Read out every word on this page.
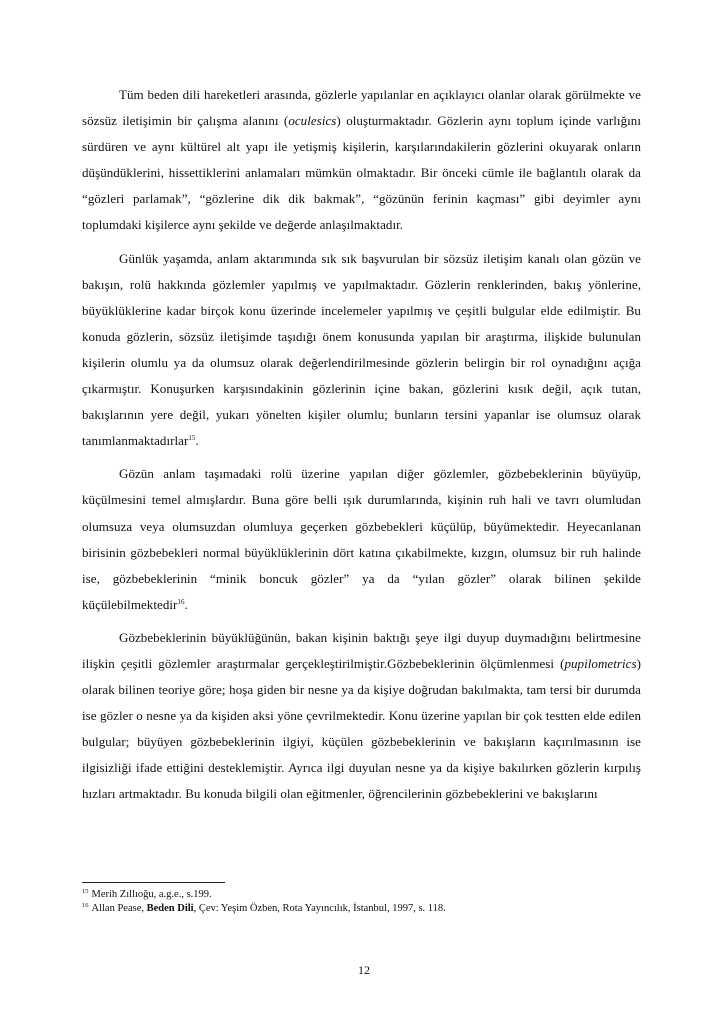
Tüm beden dili hareketleri arasında, gözlerle yapılanlar en açıklayıcı olanlar olarak görülmekte ve sözsüz iletişimin bir çalışma alanını (oculesics) oluşturmaktadır. Gözlerin aynı toplum içinde varlığını sürdüren ve aynı kültürel alt yapı ile yetişmiş kişilerin, karşılarındakilerin gözlerini okuyarak onların düşündüklerini, hissettiklerini anlamaları mümkün olmaktadır. Bir önceki cümle ile bağlantılı olarak da “gözleri parlamak”, “gözlerine dik dik bakmak”, “gözünün ferinin kaçması” gibi deyimler aynı toplumdaki kişilerce aynı şekilde ve değerde anlaşılmaktadır.

Günlük yaşamda, anlam aktarımında sık sık başvurulan bir sözsüz iletişim kanalı olan gözün ve bakışın, rolü hakkında gözlemler yapılmış ve yapılmaktadır. Gözlerin renklerinden, bakış yönlerine, büyüklüklerine kadar birçok konu üzerinde incelemeler yapılmış ve çeşitli bulgular elde edilmiştir. Bu konuda gözlerin, sözsüz iletişimde taşıdığı önem konusunda yapılan bir araştırma, ilişkide bulunulan kişilerin olumlu ya da olumsuz olarak değerlendirilmesinde gözlerin belirgin bir rol oynadığını açığa çıkarmıştır. Konuşurken karşısındakinin gözlerinin içine bakan, gözlerini kısık değil, açık tutan, bakışlarının yere değil, yukarı yönelten kişiler olumlu; bunların tersini yapanlar ise olumsuz olarak tanımlanmaktadırlar$^{15}$.

Gözün anlam taşımadaki rolü üzerine yapılan diğer gözlemler, gözbebeklerinin büyüyüp, küçülmesini temel almışlardır. Buna göre belli ışık durumlarında, kişinin ruh hali ve tavrı olumludan olumsuza veya olumsuzdan olumluya geçerken gözbebekleri küçülüp, büyümektedir. Heyecanlanan birisinin gözbebekleri normal büyüklüklerinin dört katına çıkabilmekte, kızgın, olumsuz bir ruh halinde ise, gözbebeklerinin “minik boncuk gözler” ya da “yılan gözler” olarak bilinen şekilde küçülebilmektedir$^{16}$.

Gözbebeklerinin büyüklüğünün, bakan kişinin baktığı şeye ilgi duyup duymadığını belirtmesine ilişkin çeşitli gözlemler araştırmalar gerçekleştirilmiştir.Gözbebeklerinin ölçümlenmesi (pupilometrics) olarak bilinen teoriye göre; hoşa giden bir nesne ya da kişiye doğrudan bakılmakta, tam tersi bir durumda ise gözler o nesne ya da kişiden aksi yöne çevrilmektedir. Konu üzerine yapılan bir çok testten elde edilen bulgular; büyüyen gözbebeklerinin ilgiyi, küçülen gözbebeklerinin ve bakışların kaçırılmasının ise ilgisizliği ifade ettiğini desteklemiştir. Ayrıca ilgi duyulan nesne ya da kişiye bakılırken gözlerin kırpılış hızları artmaktadır. Bu konuda bilgili olan eğitmenler, öğrencilerinin gözbebeklerini ve bakışlarını

$^{15}$ Merih Zıllıoğu, a.g.e., s.199.

$^{16}$ Allan Pease, Beden Dili, Çev: Yeşim Özben, Rota Yayıncılık, İstanbul, 1997, s. 118.

12
